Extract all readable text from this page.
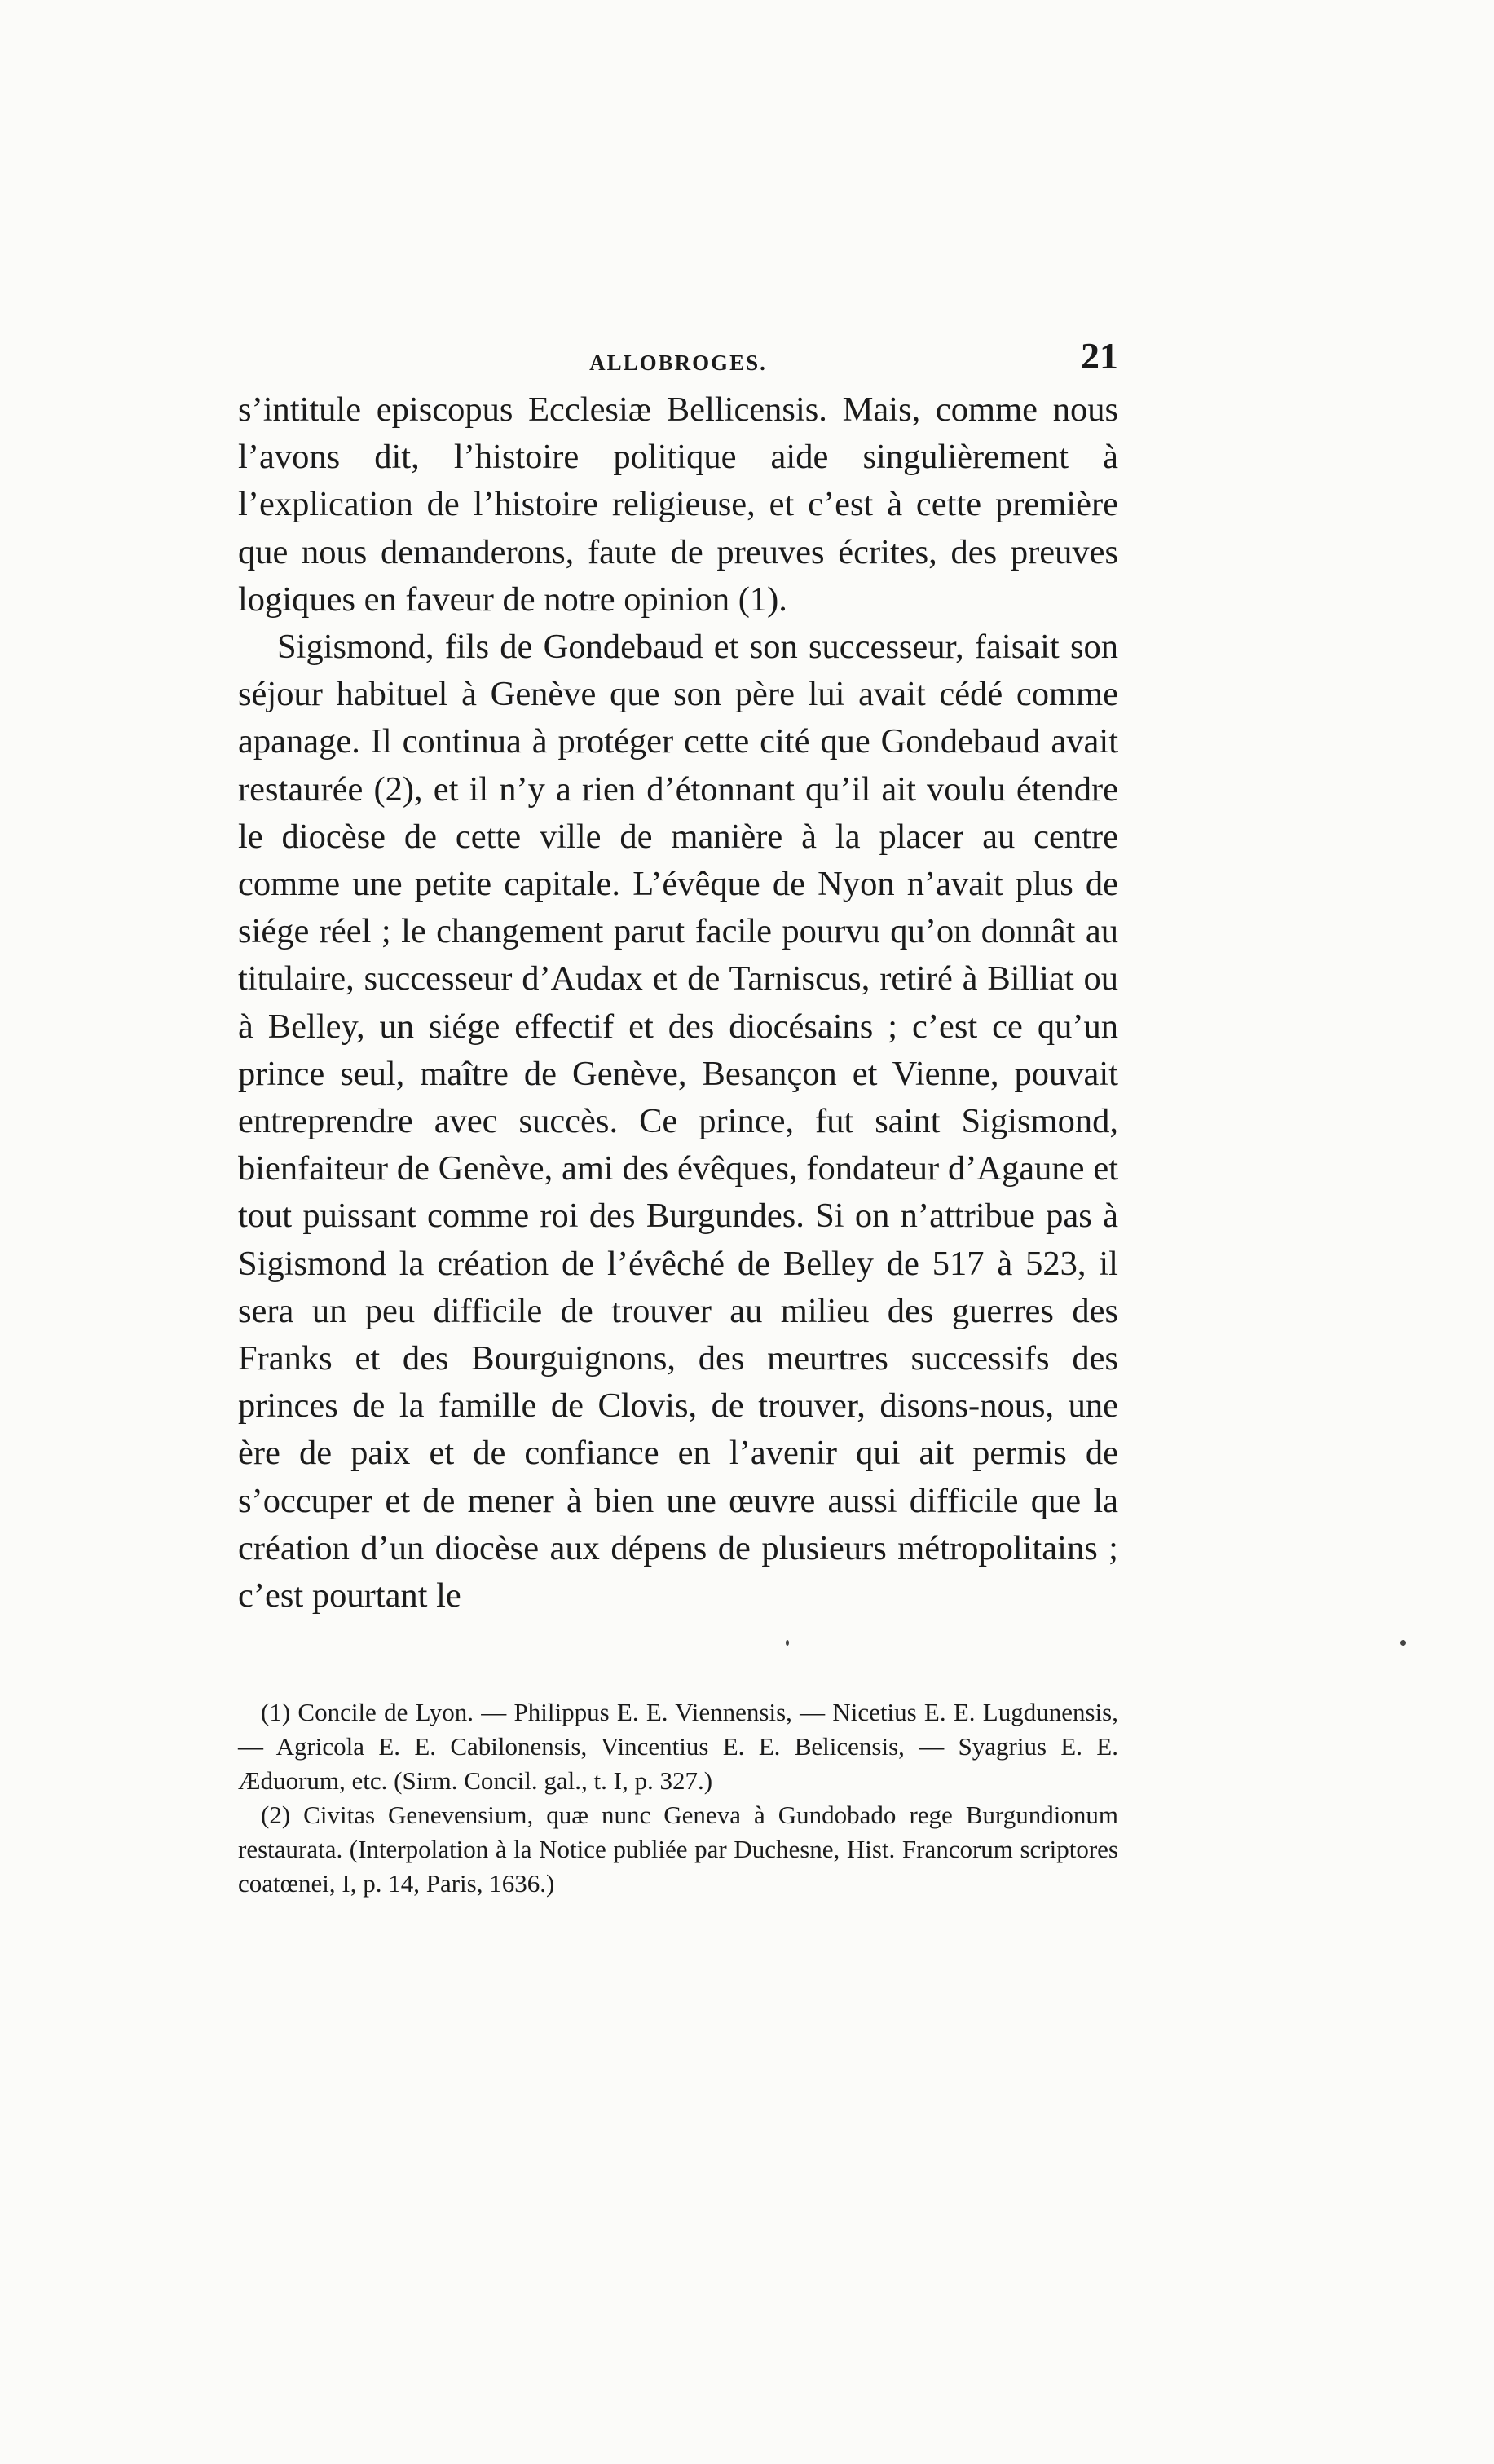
ALLOBROGES.	21

s’intitule episcopus Ecclesiæ Bellicensis. Mais, comme nous l’avons dit, l’histoire politique aide singulièrement à l’explication de l’histoire religieuse, et c’est à cette première que nous demanderons, faute de preuves écrites, des preuves logiques en faveur de notre opinion (1).

Sigismond, fils de Gondebaud et son successeur, faisait son séjour habituel à Genève que son père lui avait cédé comme apanage. Il continua à protéger cette cité que Gondebaud avait restaurée (2), et il n’y a rien d’étonnant qu’il ait voulu étendre le diocèse de cette ville de manière à la placer au centre comme une petite capitale. L’évêque de Nyon n’avait plus de siége réel ; le changement parut facile pourvu qu’on donnât au titulaire, successeur d’Audax et de Tarniscus, retiré à Billiat ou à Belley, un siége effectif et des diocésains ; c’est ce qu’un prince seul, maître de Genève, Besançon et Vienne, pouvait entreprendre avec succès. Ce prince, fut saint Sigismond, bienfaiteur de Genève, ami des évêques, fondateur d’Agaune et tout puissant comme roi des Burgundes. Si on n’attribue pas à Sigismond la création de l’évêché de Belley de 517 à 523, il sera un peu difficile de trouver au milieu des guerres des Franks et des Bourguignons, des meurtres successifs des princes de la famille de Clovis, de trouver, disons-nous, une ère de paix et de confiance en l’avenir qui ait permis de s’occuper et de mener à bien une œuvre aussi difficile que la création d’un diocèse aux dépens de plusieurs métropolitains ; c’est pourtant le

(1) Concile de Lyon. — Philippus E. E. Viennensis, — Nicetius E. E. Lugdunensis, — Agricola E. E. Cabilonensis, Vincentius E. E. Belicensis, — Syagrius E. E. Æduorum, etc. (Sirm. Concil. gal., t. I, p. 327.)

(2) Civitas Genevensium, quæ nunc Geneva à Gundobado rege Burgundionum restaurata. (Interpolation à la Notice publiée par Duchesne, Hist. Francorum scriptores coatœnei, I, p. 14, Paris, 1636.)
